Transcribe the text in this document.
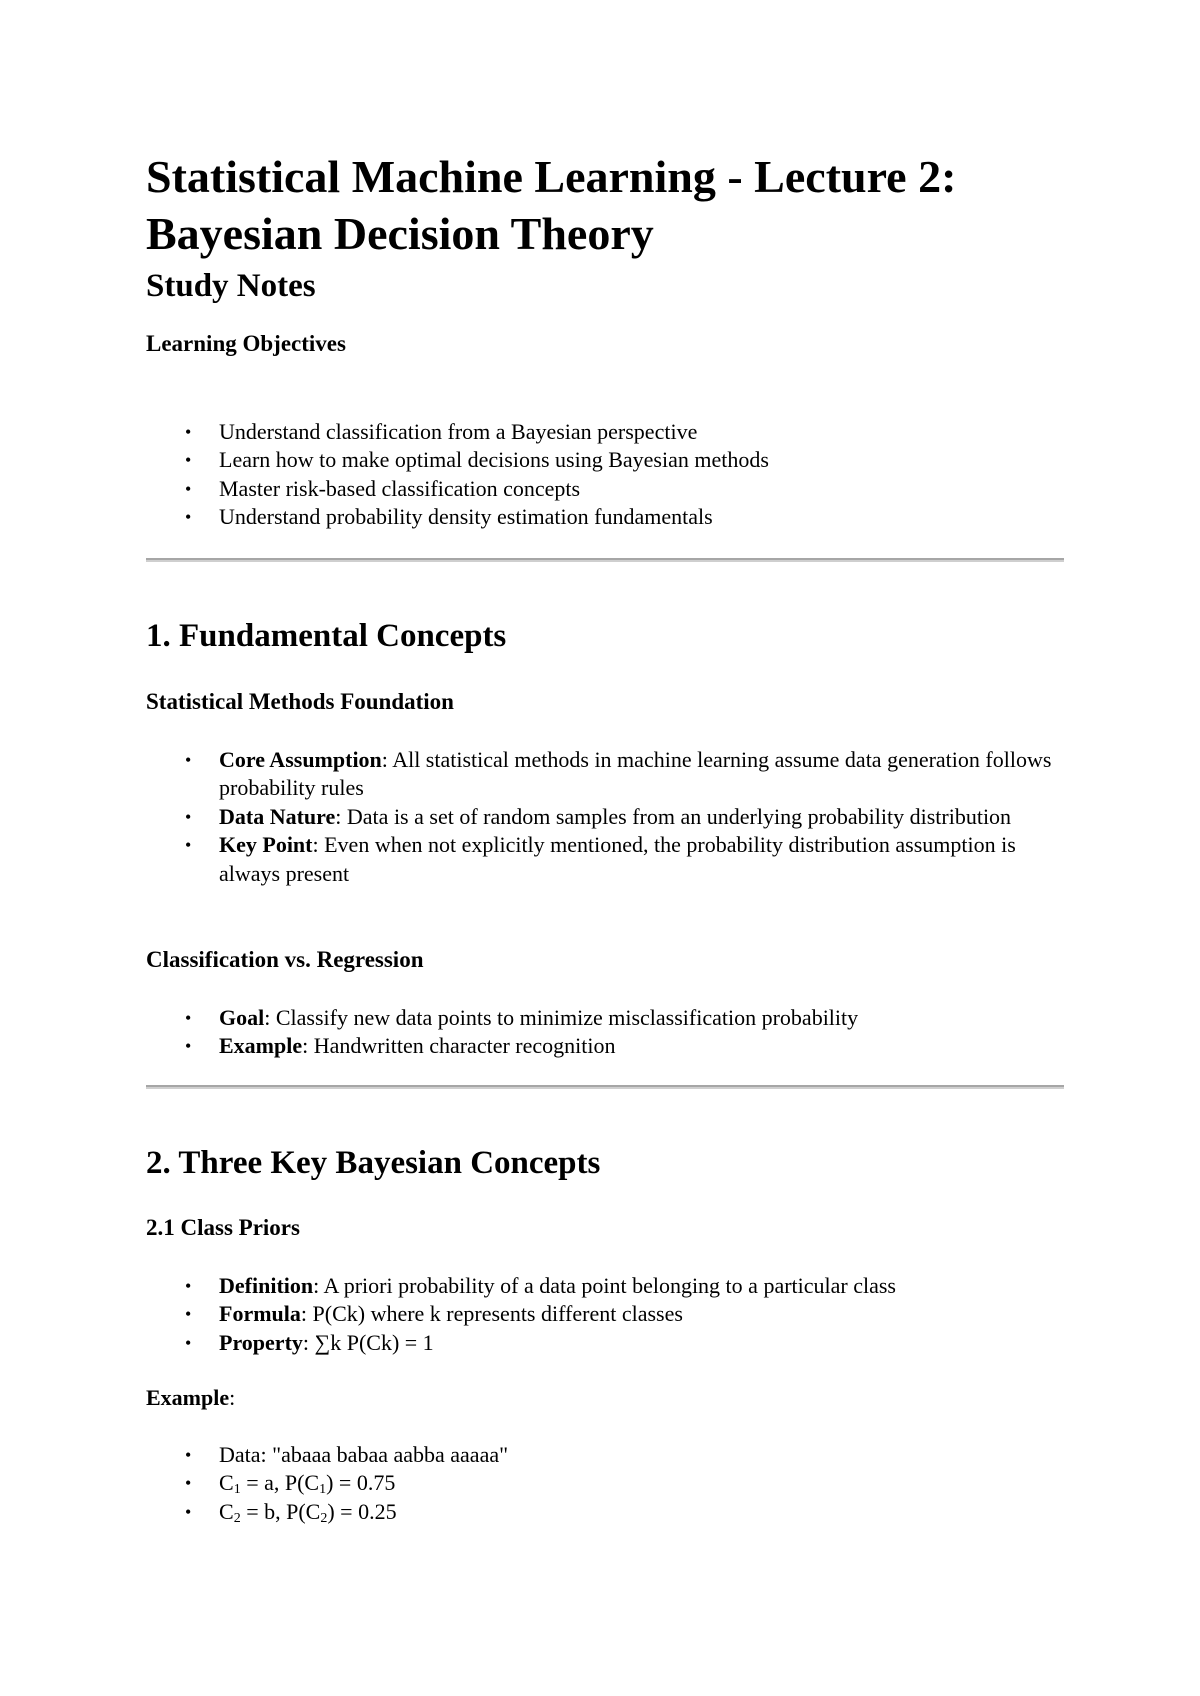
Statistical Machine Learning - Lecture 2:
Bayesian Decision Theory
Study Notes
Learning Objectives
• Understand classification from a Bayesian perspective
• Learn how to make optimal decisions using Bayesian methods
• Master risk-based classification concepts
• Understand probability density estimation fundamentals
1. Fundamental Concepts
Statistical Methods Foundation
• Core Assumption: All statistical methods in machine learning assume data generation follows probability rules
• Data Nature: Data is a set of random samples from an underlying probability distribution
• Key Point: Even when not explicitly mentioned, the probability distribution assumption is always present
Classification vs. Regression
• Goal: Classify new data points to minimize misclassification probability
• Example: Handwritten character recognition
2. Three Key Bayesian Concepts
2.1 Class Priors
• Definition: A priori probability of a data point belonging to a particular class
• Formula: P(Ck) where k represents different classes
• Property: ∑k P(Ck) = 1

Example:

• Data: "abaaa babaa aabba aaaaa"
• $C_1 = a$, $P(C_1) = 0.75$
• $C_2 = b$, $P(C_2) = 0.25$
